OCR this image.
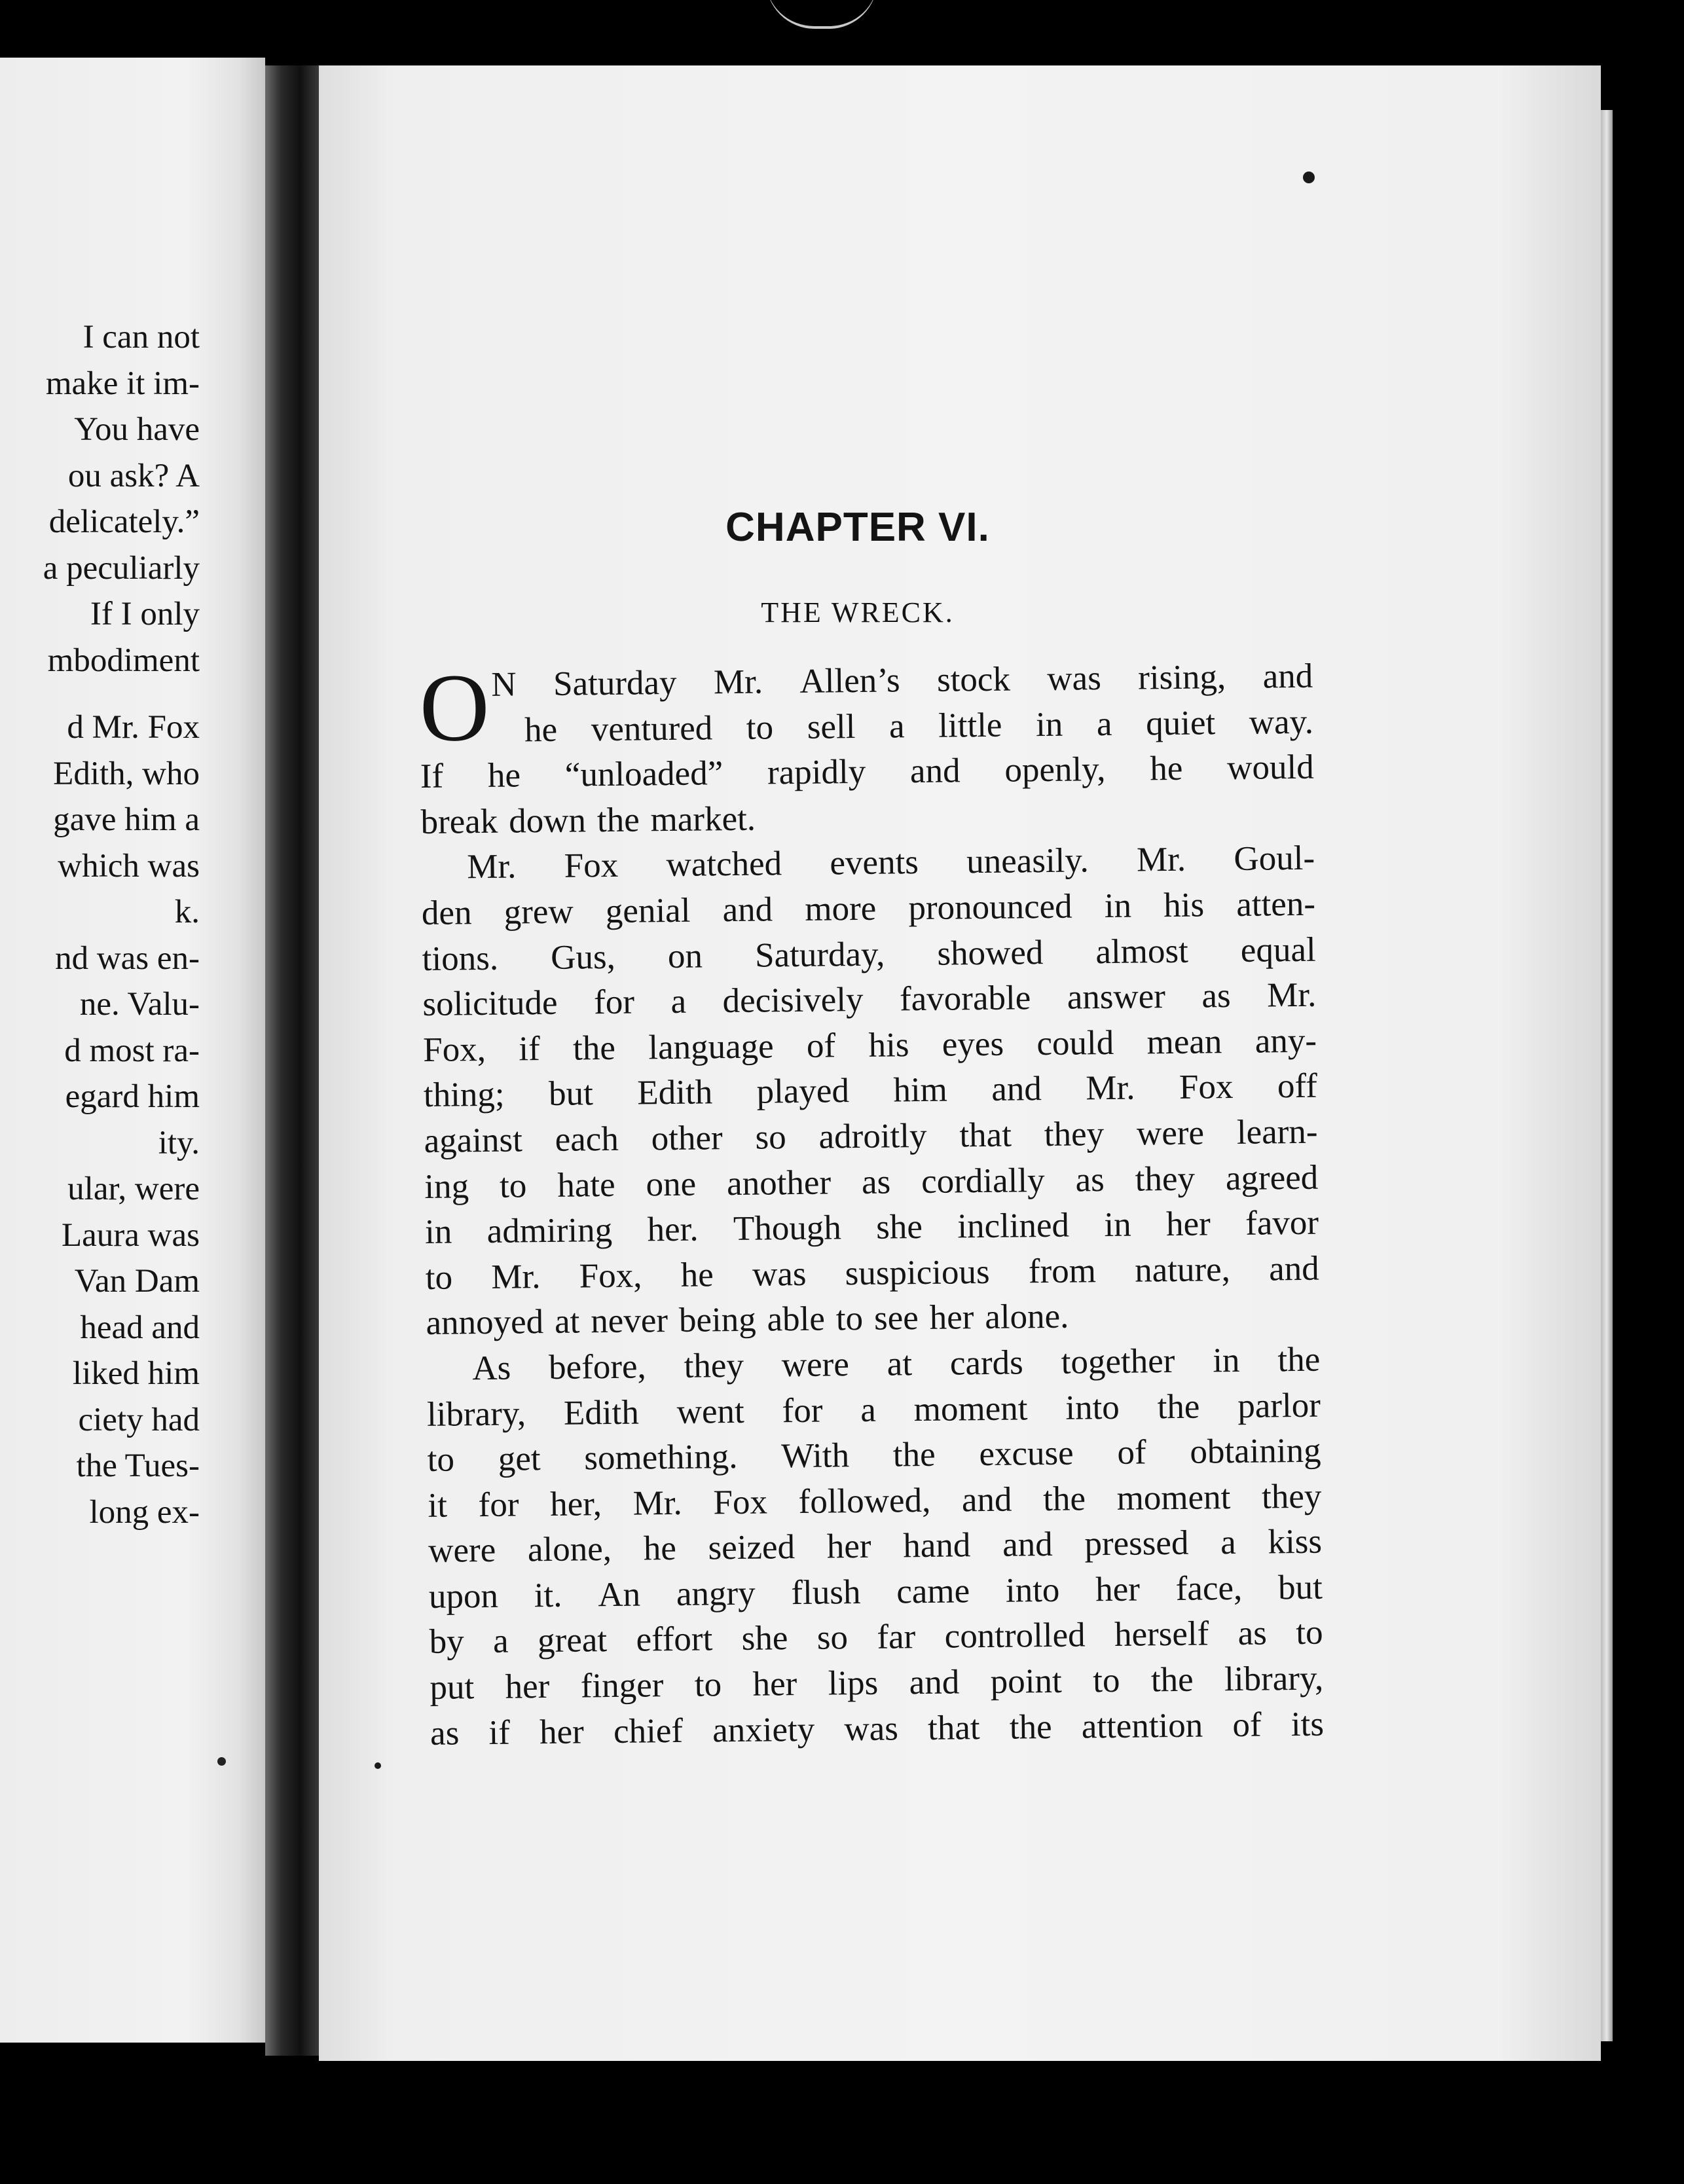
I can not
make it im-
You have
ou ask? A
delicately.”
a peculiarly
If I only
mbodiment
d Mr. Fox
Edith, who
gave him a
which was
k.
nd was en-
ne. Valu-
d most ra-
egard him
ity.
ular, were
Laura was
Van Dam
head and
liked him
ciety had
the Tues-
long ex-
CHAPTER VI.
THE WRECK.
O N Saturday Mr. Allen’s stock was rising, and
he ventured to sell a little in a quiet way.
If he “unloaded” rapidly and openly, he would
break down the market.
Mr. Fox watched events uneasily. Mr. Goul-
den grew genial and more pronounced in his atten-
tions. Gus, on Saturday, showed almost equal
solicitude for a decisively favorable answer as Mr.
Fox, if the language of his eyes could mean any-
thing; but Edith played him and Mr. Fox off
against each other so adroitly that they were learn-
ing to hate one another as cordially as they agreed
in admiring her. Though she inclined in her favor
to Mr. Fox, he was suspicious from nature, and
annoyed at never being able to see her alone.
As before, they were at cards together in the
library, Edith went for a moment into the parlor
to get something. With the excuse of obtaining
it for her, Mr. Fox followed, and the moment they
were alone, he seized her hand and pressed a kiss
upon it. An angry flush came into her face, but
by a great effort she so far controlled herself as to
put her finger to her lips and point to the library,
as if her chief anxiety was that the attention of its
